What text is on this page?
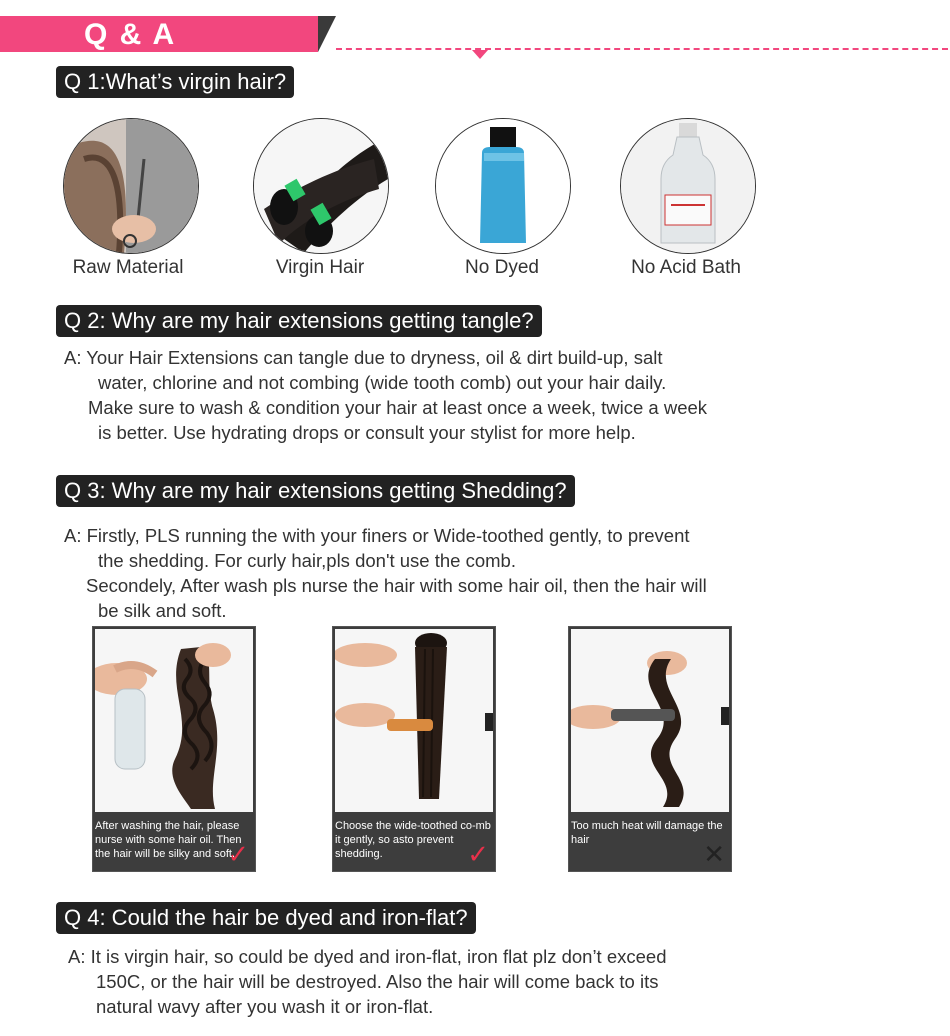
Q & A
Q 1:What’s virgin hair?
Raw Material	Virgin Hair	No Dyed	No Acid Bath
Q 2: Why are my hair extensions getting tangle?
A: Your Hair Extensions can tangle due to dryness, oil & dirt build-up, salt
water, chlorine and not combing (wide tooth comb) out your hair daily.
Make sure to wash & condition your hair at least once a week, twice a week
is better. Use hydrating drops or consult your stylist for more help.
Q 3: Why are my hair extensions getting Shedding?
A: Firstly, PLS running the with your finers or Wide-toothed gently, to prevent
the shedding. For curly hair,pls don't use the comb.
Secondely, After wash pls nurse the hair with some hair oil, then the hair will
be silk and soft.
✓
After washing the hair, please nurse with some hair oil. Then the hair will be silky and soft.	✓
Choose the wide-toothed co-mb it gently, so asto prevent shedding.	✕
Too much heat will damage the hair
Q 4: Could the hair be dyed and iron-flat?
A: It is virgin hair, so could be dyed and iron-flat, iron flat plz don’t exceed
150C, or the hair will be destroyed. Also the hair will come back to its
natural wavy after you wash it or iron-flat.
